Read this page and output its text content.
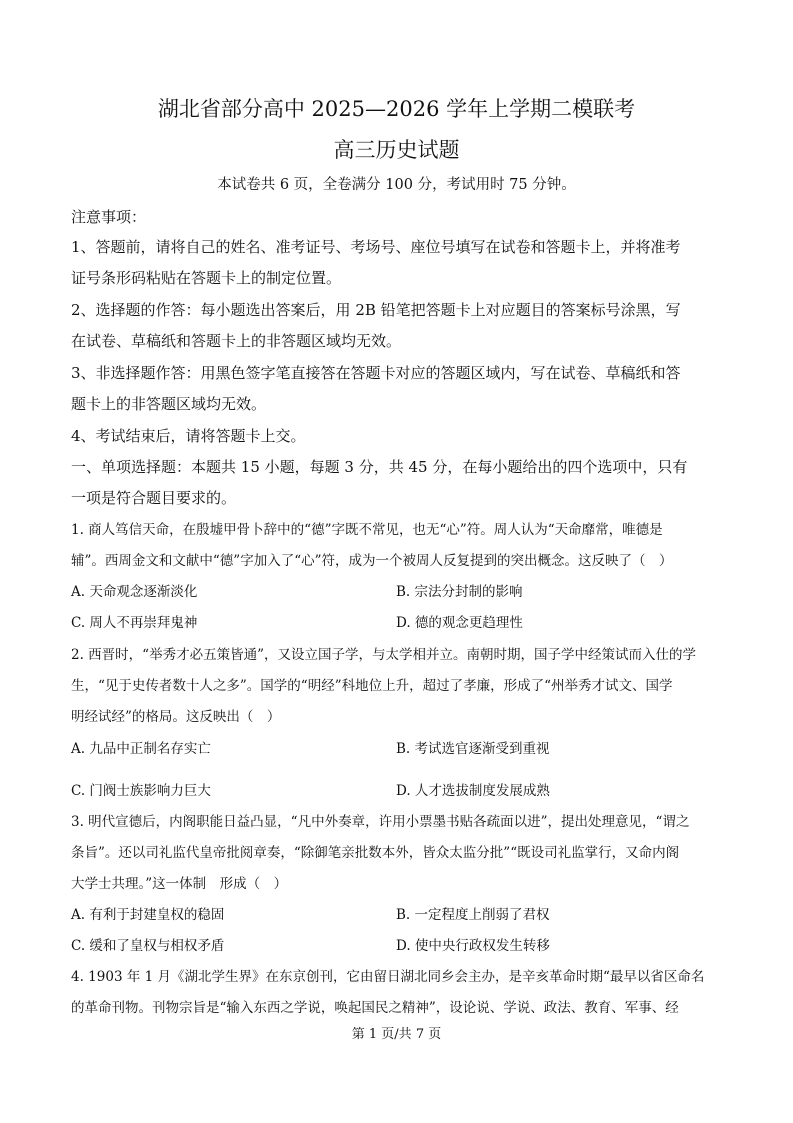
湖北省部分高中 2025—2026 学年上学期二模联考
高三历史试题
本试卷共 6 页，全卷满分 100 分，考试用时 75 分钟。
注意事项：
1、答题前，请将自己的姓名、准考证号、考场号、座位号填写在试卷和答题卡上，并将准考
证号条形码粘贴在答题卡上的制定位置。
2、选择题的作答：每小题选出答案后，用 2B 铅笔把答题卡上对应题目的答案标号涂黑，写
在试卷、草稿纸和答题卡上的非答题区域均无效。
3、非选择题作答：用黑色签字笔直接答在答题卡对应的答题区域内，写在试卷、草稿纸和答
题卡上的非答题区域均无效。
4、考试结束后，请将答题卡上交。
一、单项选择题：本题共 15 小题，每题 3 分，共 45 分，在每小题给出的四个选项中，只有
一项是符合题目要求的。
1. 商人笃信天命，在殷墟甲骨卜辞中的“德”字既不常见，也无“心”符。周人认为“天命靡常，唯德是
辅”。西周金文和文献中“德”字加入了“心”符，成为一个被周人反复提到的突出概念。这反映了（　）
A. 天命观念逐渐淡化	B. 宗法分封制的影响
C. 周人不再崇拜鬼神	D. 德的观念更趋理性
2. 西晋时，“举秀才必五策皆通”，又设立国子学，与太学相并立。南朝时期，国子学中经策试而入仕的学
生，“见于史传者数十人之多”。国学的“明经”科地位上升，超过了孝廉，形成了“州举秀才试文、国学
明经试经”的格局。这反映出（　）
A. 九品中正制名存实亡	B. 考试选官逐渐受到重视
C. 门阀士族影响力巨大	D. 人才选拔制度发展成熟
3. 明代宣德后，内阁职能日益凸显，“凡中外奏章，许用小票墨书贴各疏面以进”，提出处理意见，“谓之
条旨”。还以司礼监代皇帝批阅章奏，“除御笔亲批数本外，皆众太监分批”“既设司礼监掌行，又命内阁
大学士共理。”这一体制　形成（　）
A. 有利于封建皇权的稳固	B. 一定程度上削弱了君权
C. 缓和了皇权与相权矛盾	D. 使中央行政权发生转移
4. 1903 年 1 月《湖北学生界》在东京创刊，它由留日湖北同乡会主办，是辛亥革命时期“最早以省区命名
的革命刊物。刊物宗旨是“输入东西之学说，唤起国民之精神”，设论说、学说、政法、教育、军事、经
第 1 页/共 7 页
